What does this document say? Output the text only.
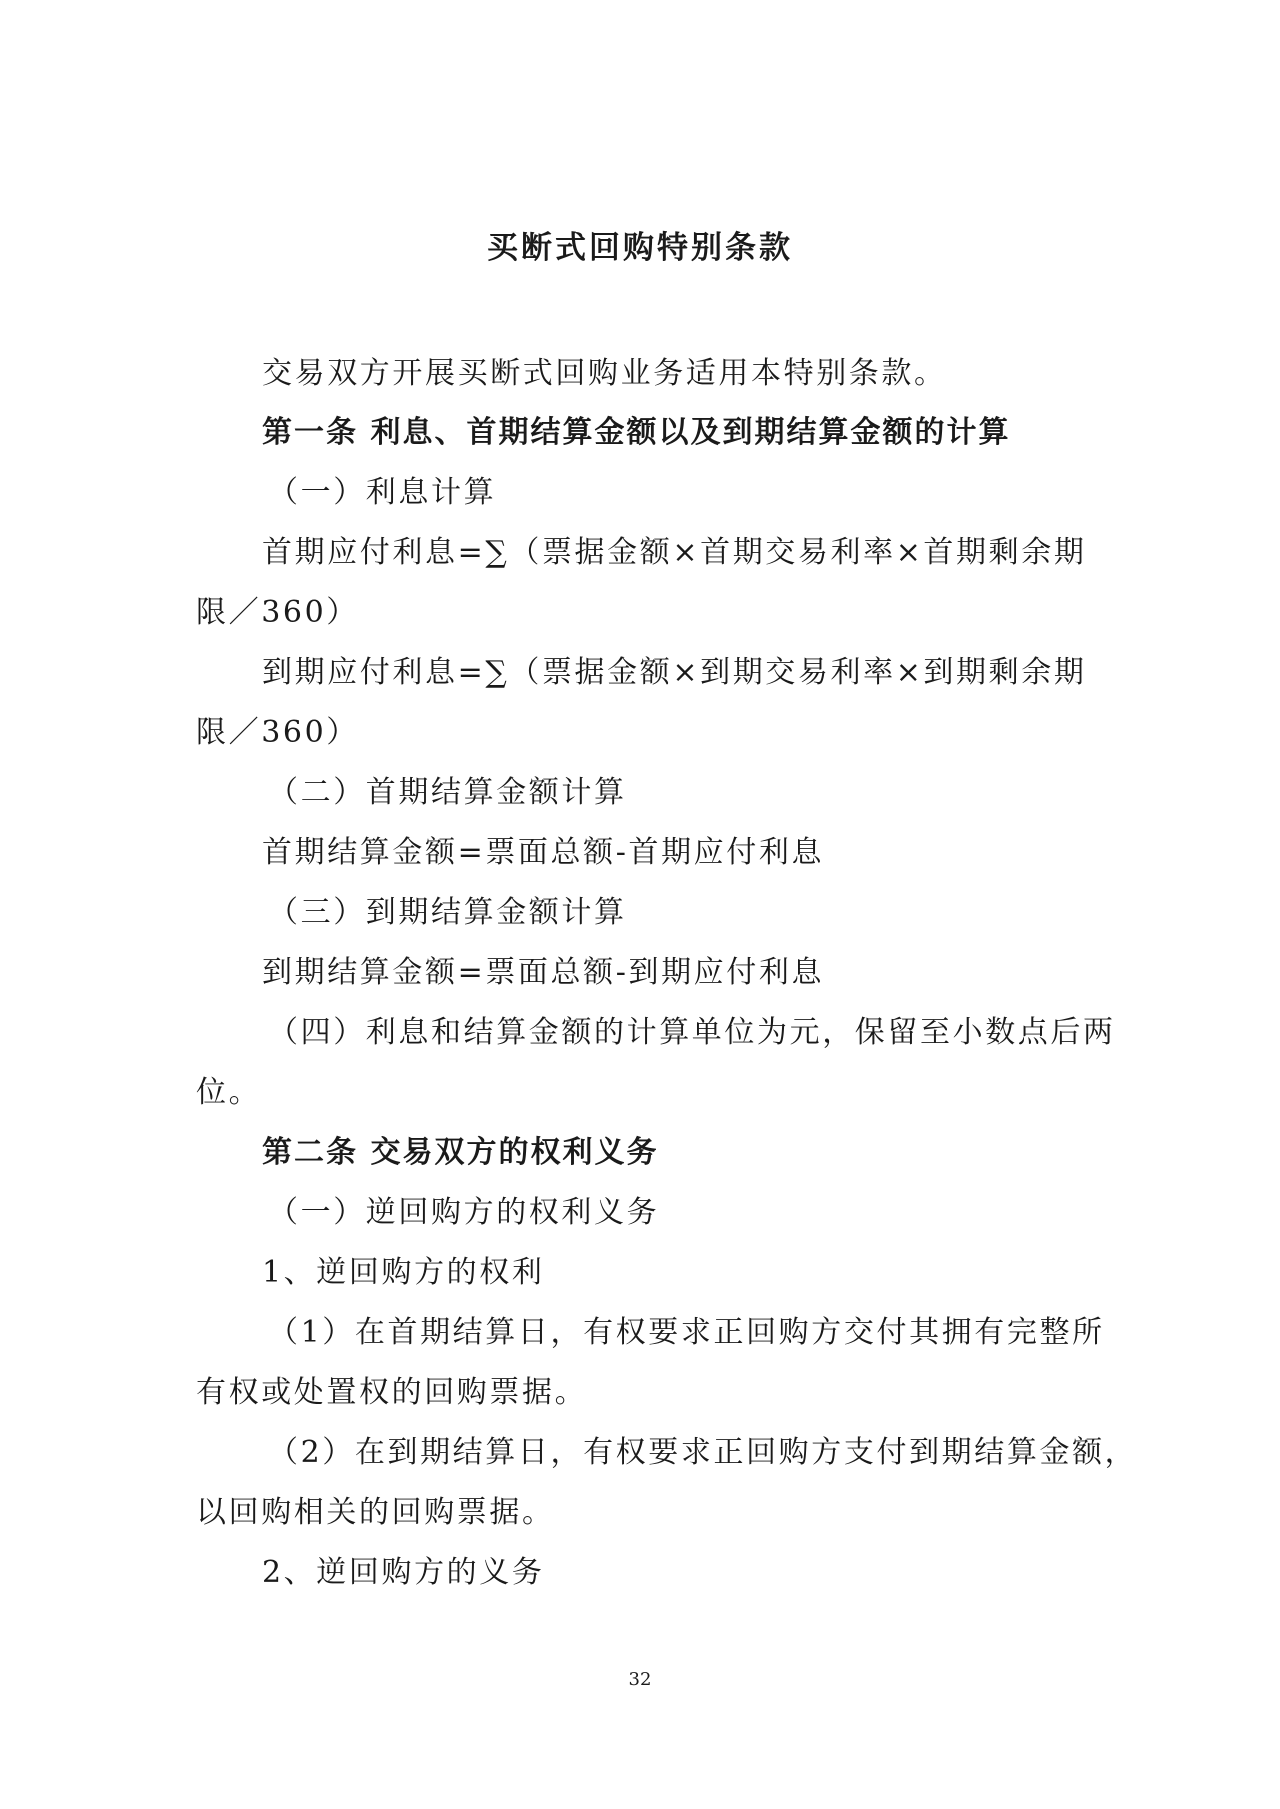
买断式回购特别条款
交易双方开展买断式回购业务适用本特别条款。
第一条 利息、首期结算金额以及到期结算金额的计算
（一）利息计算
首期应付利息=∑（票据金额×首期交易利率×首期剩余期
限／360）
到期应付利息=∑（票据金额×到期交易利率×到期剩余期
限／360）
（二）首期结算金额计算
首期结算金额=票面总额-首期应付利息
（三）到期结算金额计算
到期结算金额=票面总额-到期应付利息
（四）利息和结算金额的计算单位为元，保留至小数点后两
位。
第二条 交易双方的权利义务
（一）逆回购方的权利义务
1、逆回购方的权利
（1）在首期结算日，有权要求正回购方交付其拥有完整所
有权或处置权的回购票据。
（2）在到期结算日，有权要求正回购方支付到期结算金额，
以回购相关的回购票据。
2、逆回购方的义务
32
